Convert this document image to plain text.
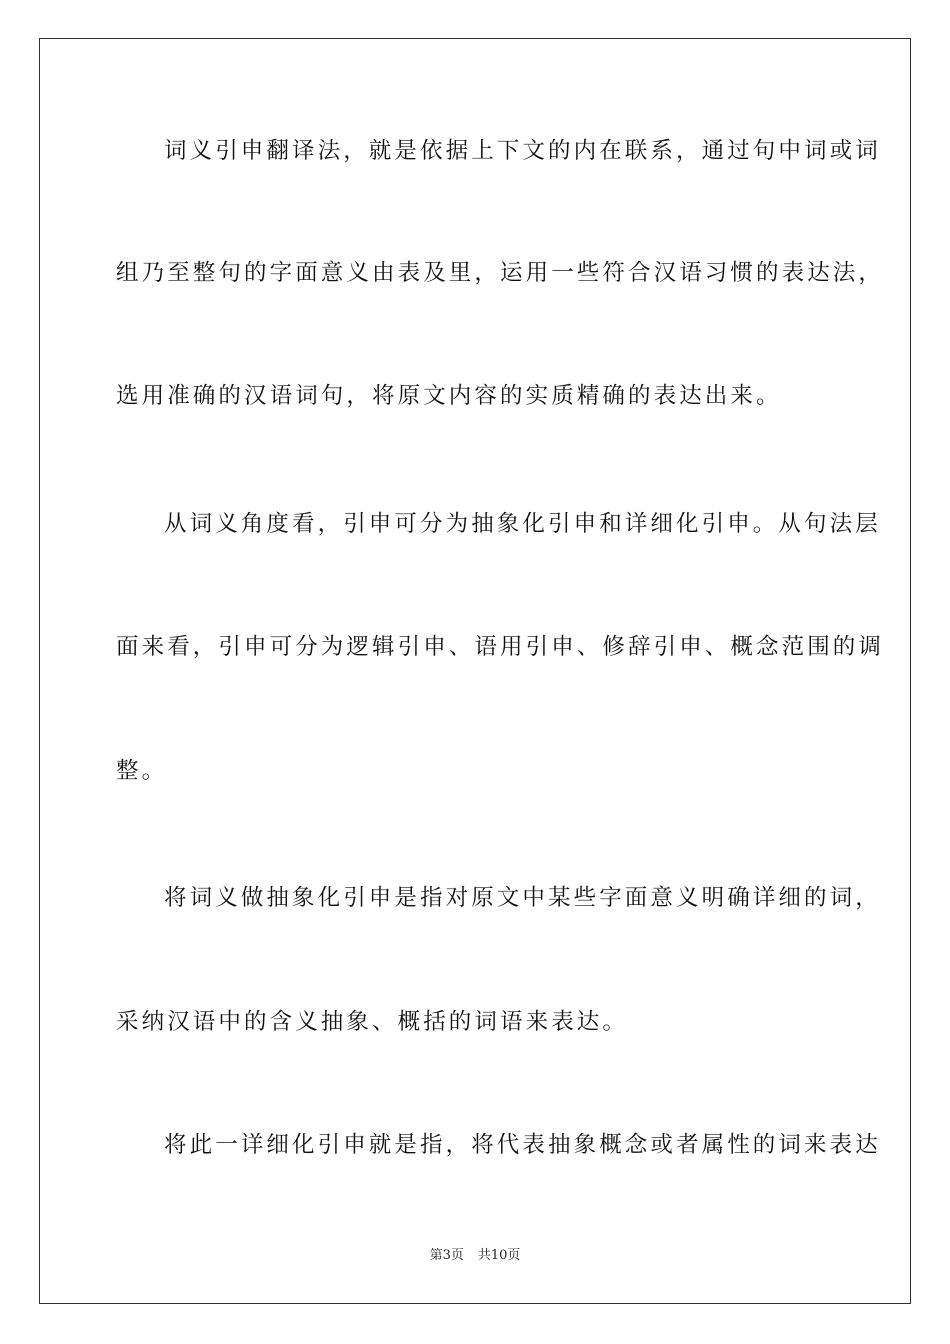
词义引申翻译法，就是依据上下文的内在联系，通过句中词或词
组乃至整句的字面意义由表及里，运用一些符合汉语习惯的表达法，
选用准确的汉语词句，将原文内容的实质精确的表达出来。
从词义角度看，引申可分为抽象化引申和详细化引申。从句法层
面来看，引申可分为逻辑引申、语用引申、修辞引申、概念范围的调
整。
将词义做抽象化引申是指对原文中某些字面意义明确详细的词，
采纳汉语中的含义抽象、概括的词语来表达。
将此一详细化引申就是指，将代表抽象概念或者属性的词来表达
第3页 共10页
